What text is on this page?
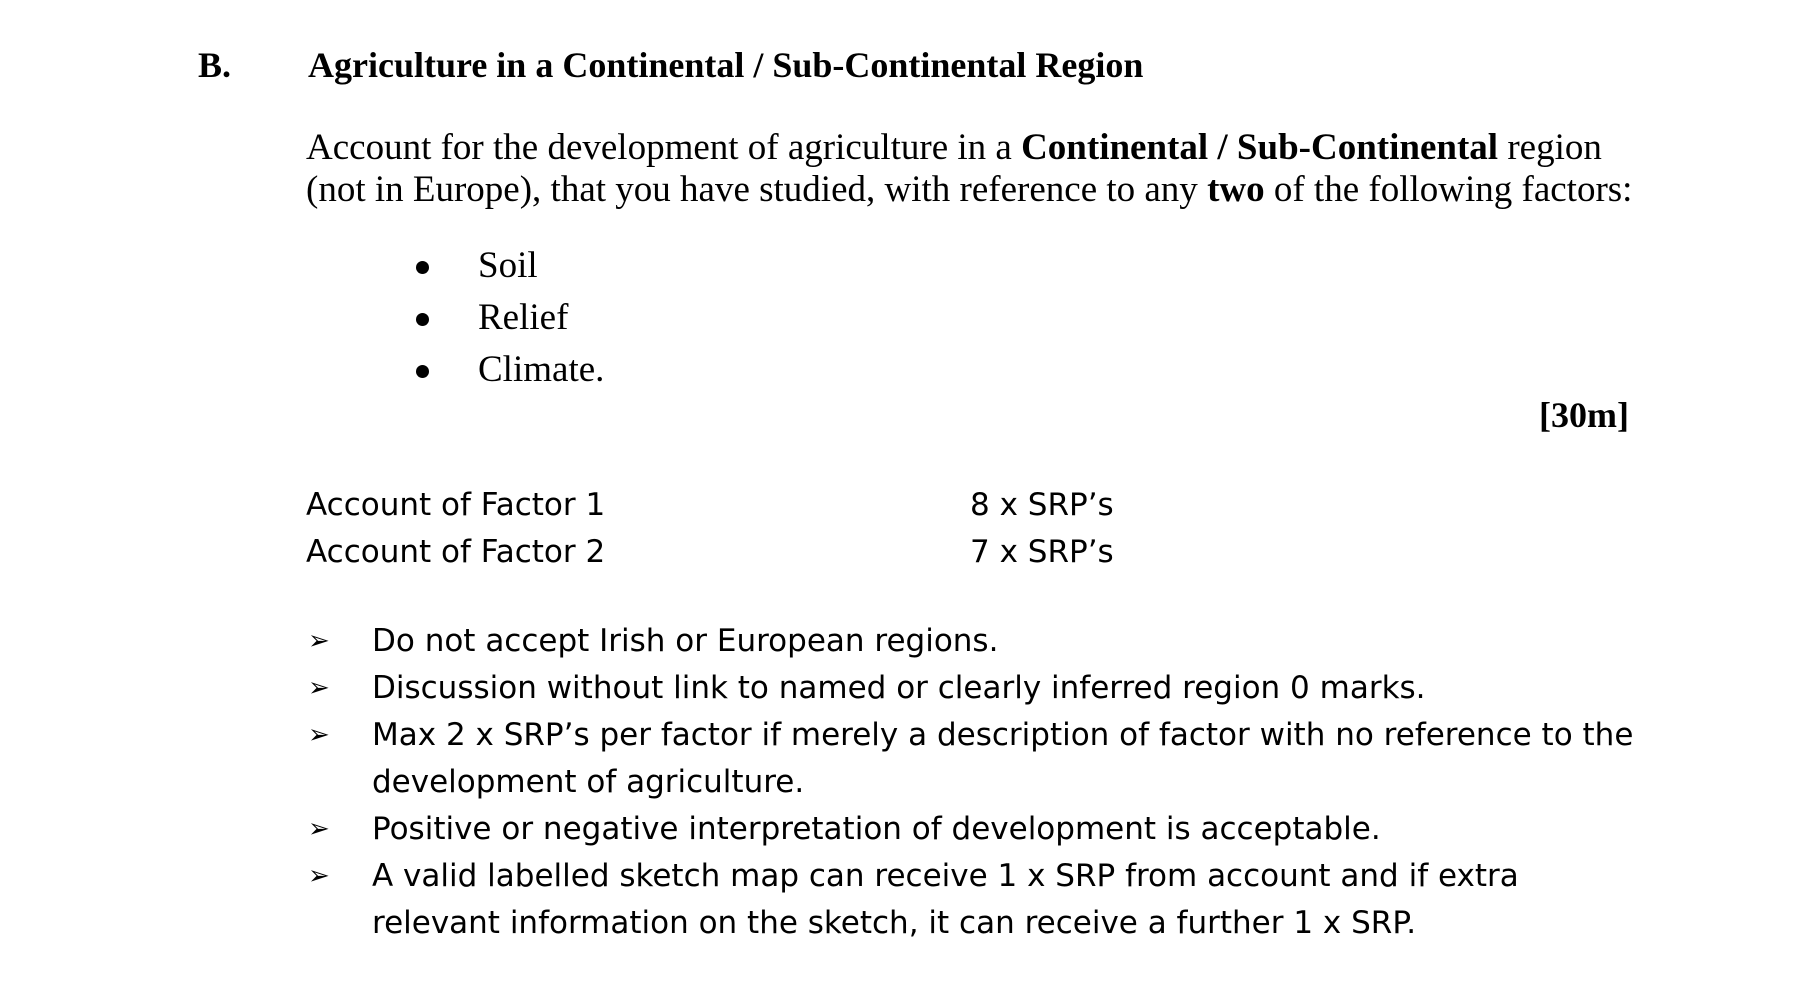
B. Agriculture in a Continental / Sub-Continental Region
Account for the development of agriculture in a Continental / Sub-Continental region
(not in Europe), that you have studied, with reference to any two of the following factors:
Soil
Relief
Climate.
[30m]
Account of Factor 1	8 x SRP’s
Account of Factor 2	7 x SRP’s
➢ Do not accept Irish or European regions.
➢ Discussion without link to named or clearly inferred region 0 marks.
➢ Max 2 x SRP’s per factor if merely a description of factor with no reference to the development of agriculture.
➢ Positive or negative interpretation of development is acceptable.
➢ A valid labelled sketch map can receive 1 x SRP from account and if extra relevant information on the sketch, it can receive a further 1 x SRP.
